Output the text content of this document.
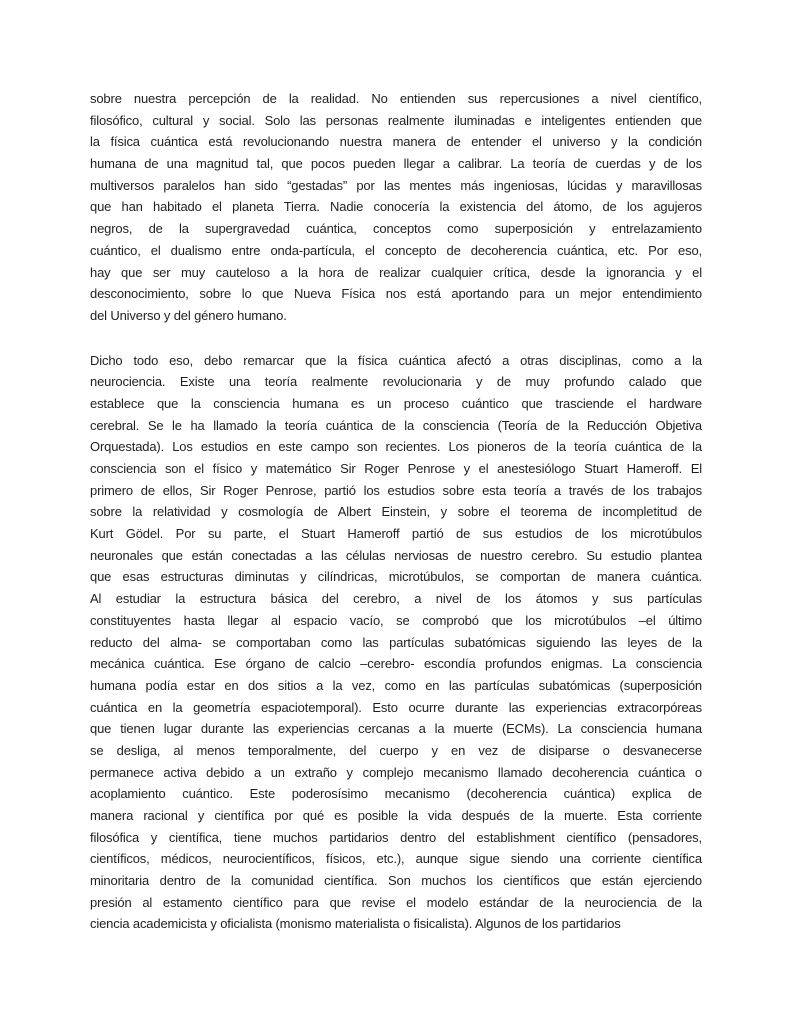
sobre nuestra percepción de la realidad. No entienden sus repercusiones a nivel científico,
filosófico, cultural y social. Solo las personas realmente iluminadas e inteligentes entienden que
la física cuántica está revolucionando nuestra manera de entender el universo y la condición
humana de una magnitud tal, que pocos pueden llegar a calibrar. La teoría de cuerdas y de los
multiversos paralelos han sido “gestadas” por las mentes más ingeniosas, lúcidas y maravillosas
que han habitado el planeta Tierra. Nadie conocería la existencia del átomo, de los agujeros
negros, de la supergravedad cuántica, conceptos como superposición y entrelazamiento
cuántico, el dualismo entre onda-partícula, el concepto de decoherencia cuántica, etc. Por eso,
hay que ser muy cauteloso a la hora de realizar cualquier crítica, desde la ignorancia y el
desconocimiento, sobre lo que Nueva Física nos está aportando para un mejor entendimiento
del Universo y del género humano.
Dicho todo eso, debo remarcar que la física cuántica afectó a otras disciplinas, como a la
neurociencia. Existe una teoría realmente revolucionaria y de muy profundo calado que
establece que la consciencia humana es un proceso cuántico que trasciende el hardware
cerebral. Se le ha llamado la teoría cuántica de la consciencia (Teoría de la Reducción Objetiva
Orquestada). Los estudios en este campo son recientes. Los pioneros de la teoría cuántica de la
consciencia son el físico y matemático Sir Roger Penrose y el anestesiólogo Stuart Hameroff. El
primero de ellos, Sir Roger Penrose, partió los estudios sobre esta teoría a través de los trabajos
sobre la relatividad y cosmología de Albert Einstein, y sobre el teorema de incompletitud de
Kurt Gödel. Por su parte, el Stuart Hameroff partió de sus estudios de los microtúbulos
neuronales que están conectadas a las células nerviosas de nuestro cerebro. Su estudio plantea
que esas estructuras diminutas y cilíndricas, microtúbulos, se comportan de manera cuántica.
Al estudiar la estructura básica del cerebro, a nivel de los átomos y sus partículas
constituyentes hasta llegar al espacio vacío, se comprobó que los microtúbulos –el último
reducto del alma- se comportaban como las partículas subatómicas siguiendo las leyes de la
mecánica cuántica. Ese órgano de calcio –cerebro- escondía profundos enigmas. La consciencia
humana podía estar en dos sitios a la vez, como en las partículas subatómicas (superposición
cuántica en la geometría espaciotemporal). Esto ocurre durante las experiencias extracorpóreas
que tienen lugar durante las experiencias cercanas a la muerte (ECMs). La consciencia humana
se desliga, al menos temporalmente, del cuerpo y en vez de disiparse o desvanecerse
permanece activa debido a un extraño y complejo mecanismo llamado decoherencia cuántica o
acoplamiento cuántico. Este poderosísimo mecanismo (decoherencia cuántica) explica de
manera racional y científica por qué es posible la vida después de la muerte. Esta corriente
filosófica y científica, tiene muchos partidarios dentro del establishment científico (pensadores,
científicos, médicos, neurocientíficos, físicos, etc.), aunque sigue siendo una corriente científica
minoritaria dentro de la comunidad científica. Son muchos los científicos que están ejerciendo
presión al estamento científico para que revise el modelo estándar de la neurociencia de la
ciencia academicista y oficialista (monismo materialista o fisicalista). Algunos de los partidarios
